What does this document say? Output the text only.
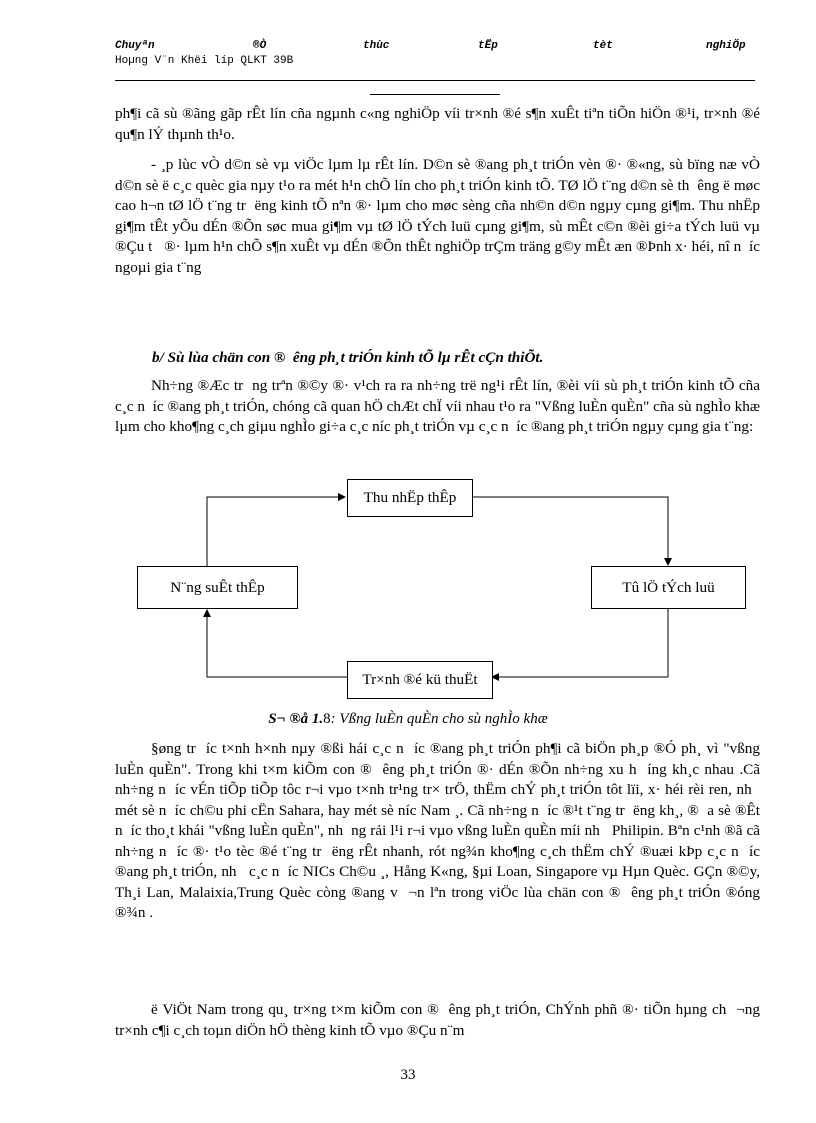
Chuyªn	®Ò	thùc	tËp	tèt	nghiÖp
Hoµng V¨n Khëi líp QLKT 39B

ph¶i cã sù ®ãng gãp rÊt lín cña ngµnh c«ng nghiÖp víi tr×nh ®é s¶n xuÊt tiªn tiÕn hiÖn ®¹i, tr×nh ®é qu¶n lÝ thµnh th¹o.

- ¸p lùc vÒ d©n sè vµ viÖc lµm lµ rÊt lín. D©n sè ®ang ph¸t triÓn vèn ®· ®«ng, sù bïng næ vÒ d©n sè ë c¸c quèc gia nµy t¹o ra mét h¹n chÕ lín cho ph¸t triÓn kinh tÕ. TØ lÖ t¨ng d©n sè th  êng ë møc cao h¬n tØ lÖ t¨ng tr  ëng kinh tÕ nªn ®· lµm cho møc sèng cña nh©n d©n ngµy cµng gi¶m. Thu nhËp gi¶m tÊt yÕu dÉn ®Õn søc mua gi¶m vµ tØ lÖ tÝch luü cµng gi¶m, sù mÊt c©n ®èi gi÷a tÝch luü vµ ®Çu t   ®· lµm h¹n chÕ s¶n xuÊt vµ dÉn ®Õn thÊt nghiÖp trÇm träng g©y mÊt æn ®Þnh x· héi, nî n  íc ngoµi gia t¨ng

b/ Sù lùa chän con ®  êng ph¸t triÓn kinh tÕ lµ rÊt cÇn thiÕt.

Nh÷ng ®Æc tr  ng trªn ®©y ®· v¹ch ra ra nh÷ng trë ng¹i rÊt lín, ®èi víi sù ph¸t triÓn kinh tÕ cña c¸c n  íc ®ang ph¸t triÓn, chóng cã quan hÖ chÆt chÏ víi nhau t¹o ra "Vßng luÈn quÈn" cña sù nghÌo khæ lµm cho kho¶ng c¸ch giµu nghÌo gi÷a c¸c níc ph¸t triÓn vµ c¸c n  íc ®ang ph¸t triÓn ngµy cµng gia t¨ng:

Thu nhËp thÊp
Tû lÖ tÝch luü
Tr×nh ®é kü thuËt
N¨ng suÊt thÊp
S¬ ®å 1.8: Vßng luÈn quÈn cho sù nghÌo khæ

§øng tr  íc t×nh h×nh nµy ®ßi hái c¸c n  íc ®ang ph¸t triÓn ph¶i cã biÖn ph¸p ®Ó ph¸ vì "vßng luÈn quÈn". Trong khi t×m kiÕm con ®  êng ph¸t triÓn ®· dÉn ®Õn nh÷ng xu h  íng kh¸c nhau .Cã nh÷ng n  íc vÉn tiÕp tiÕp tôc r¬i vµo t×nh tr¹ng tr× trÖ, thËm chÝ ph¸t triÓn tôt lïi, x· héi rèi ren, nh   mét sè n  íc ch©u phi cËn Sahara, hay mét sè níc Nam ¸. Cã nh÷ng n  íc ®¹t t¨ng tr  ëng kh¸, ®  a sè ®Êt n  íc tho¸t khái "vßng luÈn quÈn", nh  ng rải l¹i r¬i vµo vßng luÈn quÈn míi nh   Philipin. Bªn c¹nh ®ã cã nh÷ng n  íc ®· t¹o tèc ®é t¨ng tr  ëng rÊt nhanh, rót ng¾n kho¶ng c¸ch thËm chÝ ®uæi kÞp c¸c n  íc ®ang ph¸t triÓn, nh   c¸c n  íc NICs Ch©u ¸, Hång K«ng, §µi Loan, Singapore vµ Hµn Quèc. GÇn ®©y, Th¸i Lan, Malaixia,Trung Quèc còng ®ang v  ¬n lªn trong viÖc lùa chän con ®  êng ph¸t triÓn ®óng ®¾n .

ë ViÖt Nam trong qu¸ tr×ng t×m kiÕm con ®  êng ph¸t triÓn, ChÝnh phñ ®· tiÕn hµng ch  ¬ng tr×nh c¶i c¸ch toµn diÖn hÖ thèng kinh tÕ vµo ®Çu n¨m

33
